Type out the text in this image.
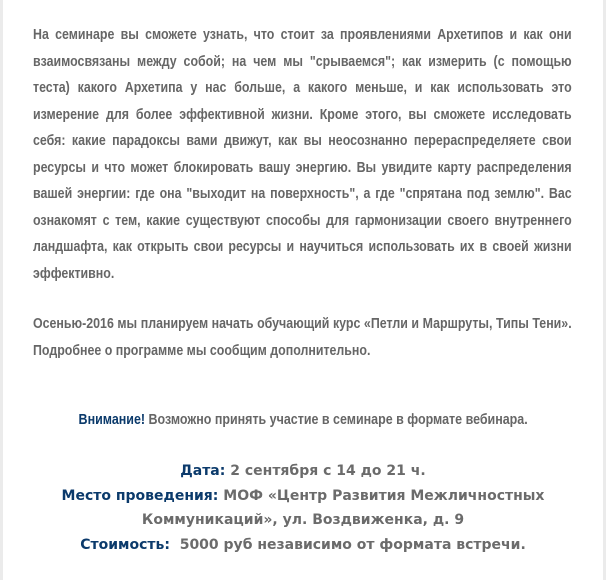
На семинаре вы сможете узнать, что стоит за проявлениями Архетипов и как они взаимосвязаны между собой; на чем мы "срываемся"; как измерить (с помощью теста) какого Архетипа у нас больше, а какого меньше, и как использовать это измерение для более эффективной жизни. Кроме этого, вы сможете исследовать себя: какие парадоксы вами движут, как вы неосознанно перераспределяете свои ресурсы и что может блокировать вашу энергию. Вы увидите карту распределения вашей энергии: где она "выходит на поверхность", а где "спрятана под землю". Вас ознакомят с тем, какие существуют способы для гармонизации своего внутреннего ландшафта, как открыть свои ресурсы и научиться использовать их в своей жизни эффективно.

Осенью-2016 мы планируем начать обучающий курс «Петли и Маршруты, Типы Тени». Подробнее о программе мы сообщим дополнительно.

Внимание! Возможно принять участие в семинаре в формате вебинара.

Дата: 2 сентября с 14 до 21 ч.

Место проведения: МОФ «Центр Развития Межличностных

Коммуникаций», ул. Воздвиженка, д. 9

Стоимость:  5000 руб независимо от формата встречи.
